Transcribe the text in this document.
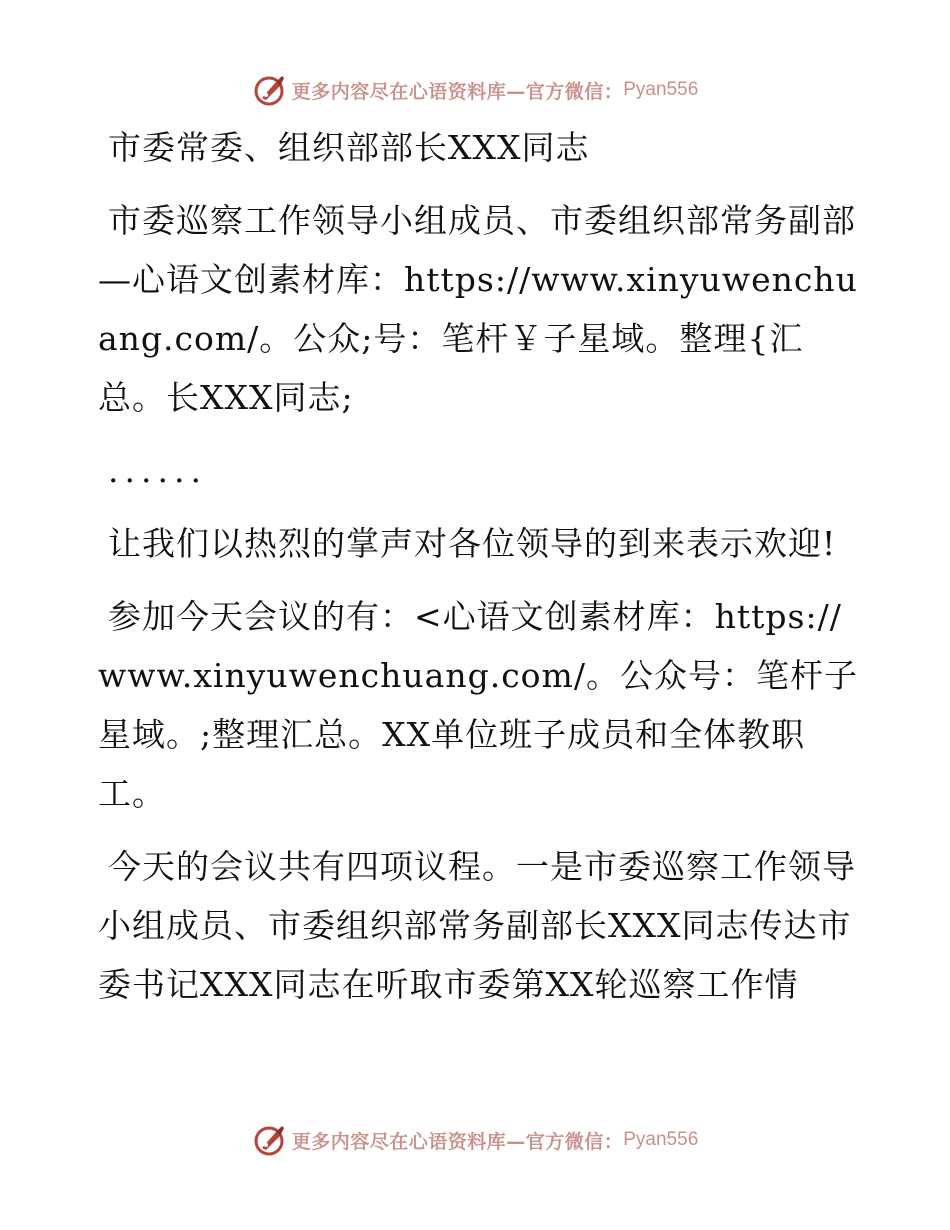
更多内容尽在心语资料库—官方微信： Pyan556

市委常委、组织部部长XXX同志

市委巡察工作领导小组成员、市委组织部常务副部—心语文创素材库：https://www.xinyuwenchuang.com/。公众;号：笔杆￥子星域。整理{汇总。长XXX同志;

......

让我们以热烈的掌声对各位领导的到来表示欢迎!

参加今天会议的有：<心语文创素材库：https://www.xinyuwenchuang.com/。公众号：笔杆子星域。;整理汇总。XX单位班子成员和全体教职工。

今天的会议共有四项议程。一是市委巡察工作领导小组成员、市委组织部常务副部长XXX同志传达市委书记XXX同志在听取市委第XX轮巡察工作情

更多内容尽在心语资料库—官方微信： Pyan556
